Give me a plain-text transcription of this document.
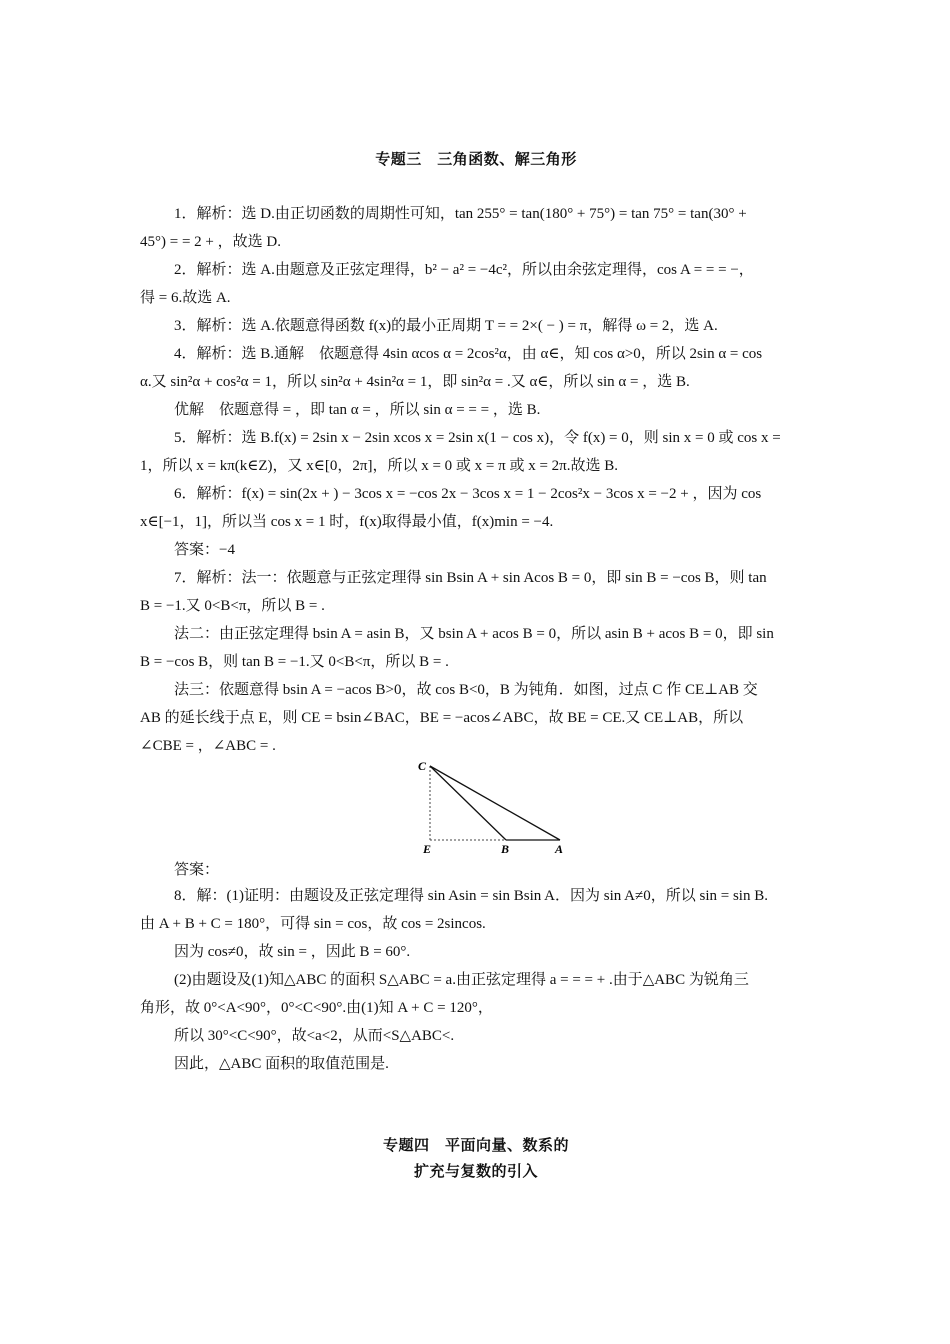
专题三　三角函数、解三角形
1．解析：选 D.由正切函数的周期性可知，tan 255° = tan(180° + 75°) = tan 75° = tan(30° +
45°) = = 2 + ，故选 D.
2．解析：选 A.由题意及正弦定理得，b² − a² = −4c²，所以由余弦定理得，cos A = = = −，
得 = 6.故选 A.
3．解析：选 A.依题意得函数 f(x)的最小正周期 T = = 2×( − ) = π，解得 ω = 2，选 A.
4．解析：选 B.通解　依题意得 4sin αcos α = 2cos²α，由 α∈，知 cos α>0，所以 2sin α = cos
α.又 sin²α + cos²α = 1，所以 sin²α + 4sin²α = 1，即 sin²α = .又 α∈，所以 sin α = ，选 B.
优解　依题意得 = ，即 tan α = ，所以 sin α = = = ，选 B.
5．解析：选 B.f(x) = 2sin x − 2sin xcos x = 2sin x(1 − cos x)，令 f(x) = 0，则 sin x = 0 或 cos x =
1，所以 x = kπ(k∈Z)，又 x∈[0，2π]，所以 x = 0 或 x = π 或 x = 2π.故选 B.
6．解析：f(x) = sin(2x + ) − 3cos x = −cos 2x − 3cos x = 1 − 2cos²x − 3cos x = −2 + ，因为 cos
x∈[−1，1]，所以当 cos x = 1 时，f(x)取得最小值，f(x)min = −4.
答案：−4
7．解析：法一：依题意与正弦定理得 sin Bsin A + sin Acos B = 0，即 sin B = −cos B，则 tan
B = −1.又 0<B<π，所以 B = .
法二：由正弦定理得 bsin A = asin B，又 bsin A + acos B = 0，所以 asin B + acos B = 0，即 sin
B = −cos B，则 tan B = −1.又 0<B<π，所以 B = .
法三：依题意得 bsin A = −acos B>0，故 cos B<0，B 为钝角．如图，过点 C 作 CE⊥AB 交
AB 的延长线于点 E，则 CE = bsin∠BAC，BE = −acos∠ABC，故 BE = CE.又 CE⊥AB，所以
∠CBE = ，∠ABC = .
C
E	B	A
答案：
8．解：(1)证明：由题设及正弦定理得 sin Asin = sin Bsin A．因为 sin A≠0，所以 sin = sin B.
由 A + B + C = 180°，可得 sin = cos，故 cos = 2sincos.
因为 cos≠0，故 sin = ，因此 B = 60°.
(2)由题设及(1)知△ABC 的面积 S△ABC = a.由正弦定理得 a = = = + .由于△ABC 为锐角三
角形，故 0°<A<90°，0°<C<90°.由(1)知 A + C = 120°，
所以 30°<C<90°，故<a<2，从而<S△ABC<.
因此，△ABC 面积的取值范围是.
专题四　平面向量、数系的
扩充与复数的引入
